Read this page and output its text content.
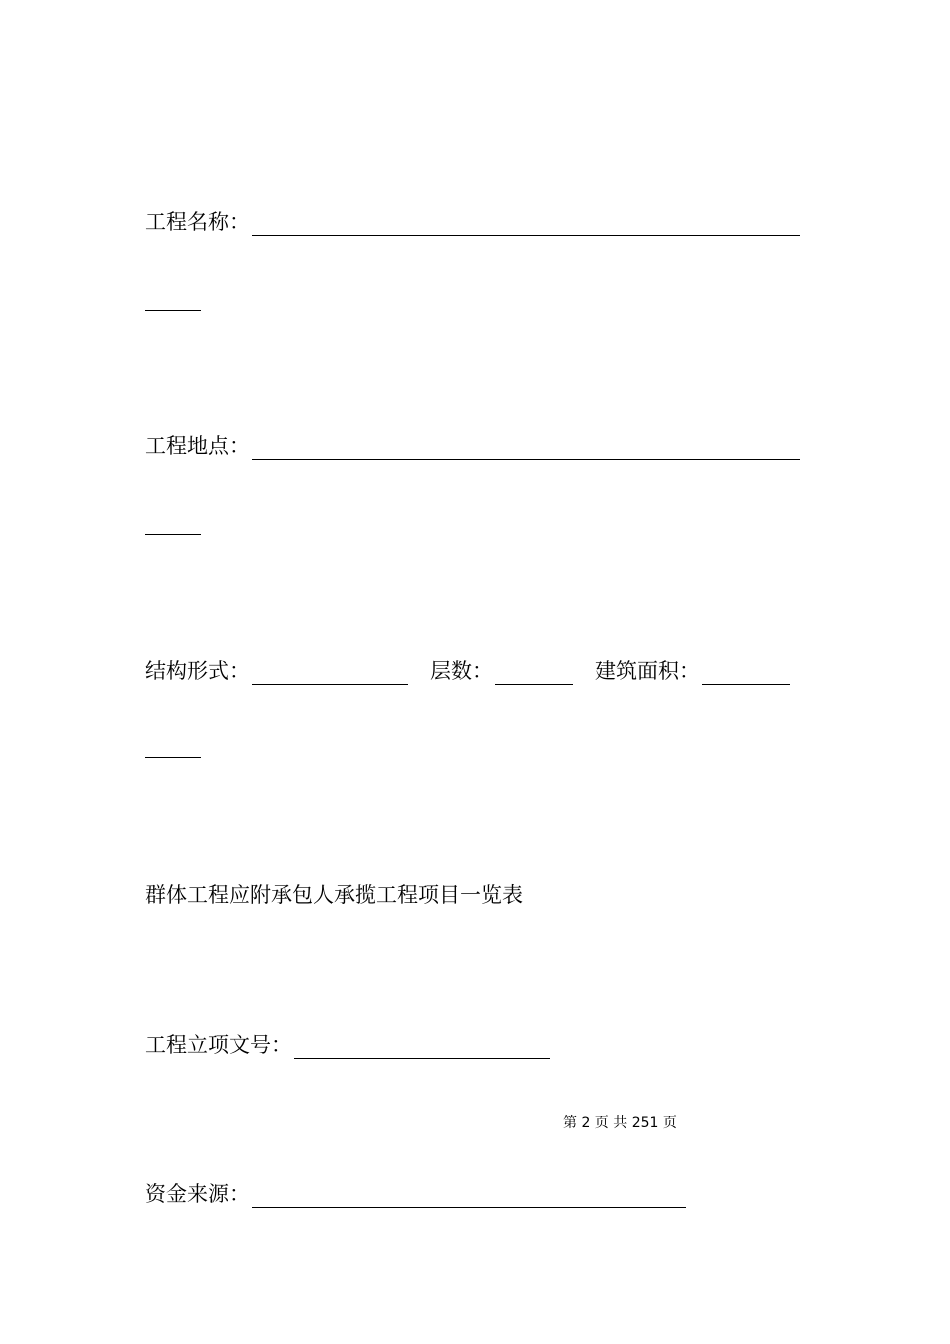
工程名称：
工程地点：
结构形式：	层数：	建筑面积：
群体工程应附承包人承揽工程项目一览表
工程立项文号：
第 2 页 共 251 页
资金来源：
